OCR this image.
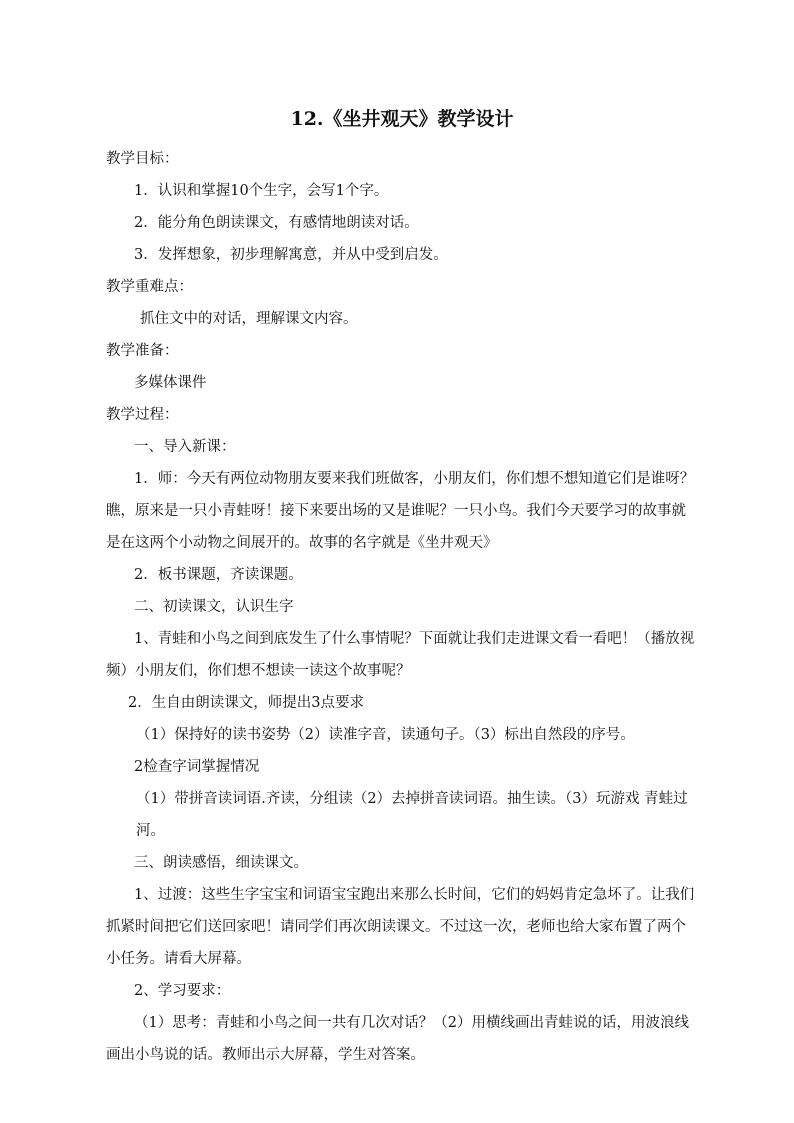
12.《坐井观天》教学设计

教学目标：

1．认识和掌握10个生字，会写1个字。

2．能分角色朗读课文，有感情地朗读对话。

3．发挥想象，初步理解寓意，并从中受到启发。

教学重难点：

抓住文中的对话，理解课文内容。

教学准备：

多媒体课件

教学过程：

一、导入新课：

1．师：今天有两位动物朋友要来我们班做客，小朋友们，你们想不想知道它们是谁呀？瞧，原来是一只小青蛙呀！接下来要出场的又是谁呢？一只小鸟。我们今天要学习的故事就是在这两个小动物之间展开的。故事的名字就是《坐井观天》

2．板书课题，齐读课题。

二、初读课文，认识生字

1、青蛙和小鸟之间到底发生了什么事情呢？下面就让我们走进课文看一看吧！（播放视频）小朋友们，你们想不想读一读这个故事呢？

2．生自由朗读课文，师提出3点要求

（1）保持好的读书姿势（2）读准字音，读通句子。（3）标出自然段的序号。

2检查字词掌握情况

（1）带拼音读词语.齐读，分组读（2）去掉拼音读词语。抽生读。（3）玩游戏 青蛙过河。

三、朗读感悟，细读课文。

1、过渡：这些生字宝宝和词语宝宝跑出来那么长时间，它们的妈妈肯定急坏了。让我们抓紧时间把它们送回家吧！请同学们再次朗读课文。不过这一次，老师也给大家布置了两个小任务。请看大屏幕。

2、学习要求：

（1）思考：青蛙和小鸟之间一共有几次对话？（2）用横线画出青蛙说的话，用波浪线画出小鸟说的话。教师出示大屏幕，学生对答案。
